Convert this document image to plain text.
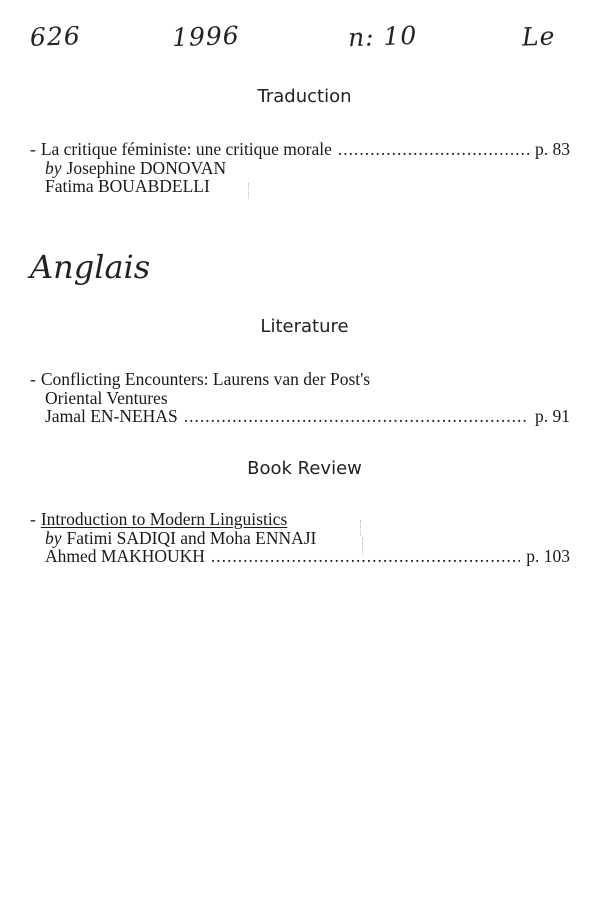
626	1996	n: 10	Le
Traduction
- La critique féministe: une critique morale .....	p. 83
by Josephine DONOVAN
Fatima BOUABDELLI
Anglais
Literature
- Conflicting Encounters: Laurens van der Post's
Oriental Ventures
Jamal EN-NEHAS .....	p. 91
Book Review
- Introduction to Modern Linguistics
by Fatimi SADIQI and Moha ENNAJI
Ahmed MAKHOUKH .....	p. 103
